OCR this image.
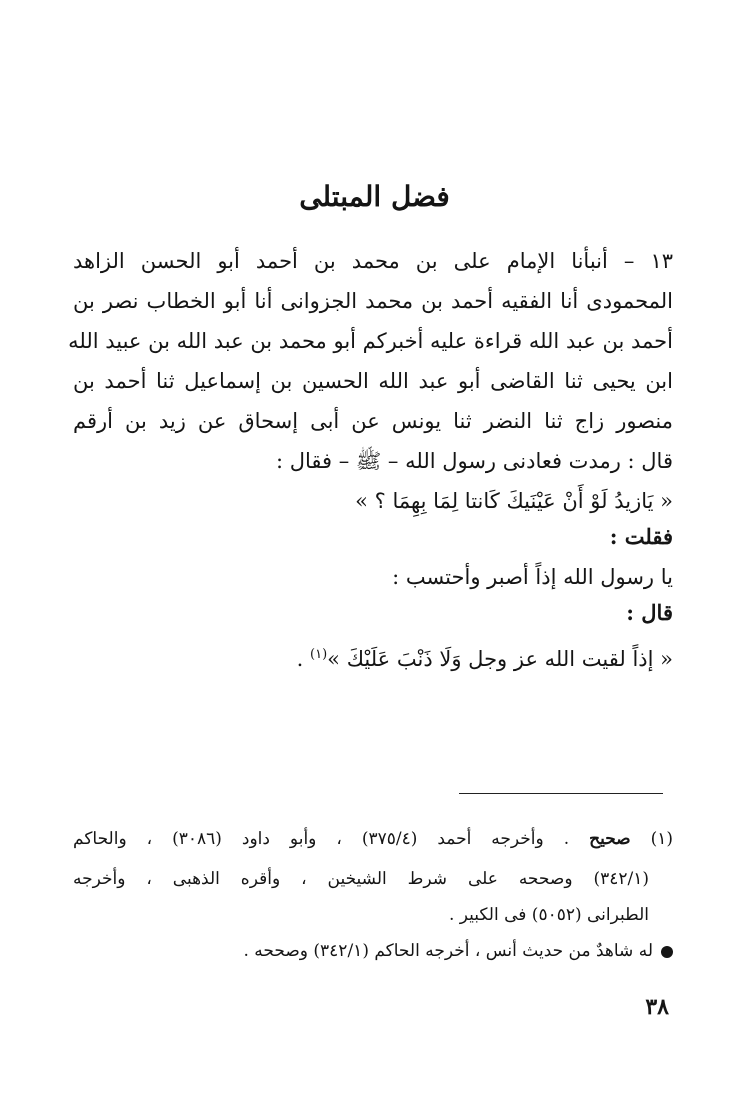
فضل المبتلى
١٣ – أنبأنا الإمام على بن محمد بن أحمد أبو الحسن الزاهد
المحمودى أنا الفقيه أحمد بن محمد الجزوانى أنا أبو الخطاب نصر بن
أحمد بن عبد الله قراءة عليه أخبركم أبو محمد بن عبد الله بن عبيد الله
ابن يحيى ثنا القاضى أبو عبد الله الحسين بن إسماعيل ثنا أحمد بن
منصور زاج ثنا النضر ثنا يونس عن أبى إسحاق عن زيد بن أرقم
قال : رمدت فعادنى رسول الله – ﷺ – فقال :
« يَازيدُ لَوْ أَنْ عَيْنَيكَ كَانتا لِمَا بِهِمَا ؟ »
فقلت :
يا رسول الله إذاً أصبر وأحتسب :
قال :
« إذاً لقيت الله عز وجل وَلَا ذَنْبَ عَلَيْكَ »$^{(١)}$ .
(١) صحيح . وأخرجه أحمد (٣٧٥/٤) ، وأبو داود (٣٠٨٦) ، والحاكم
(٣٤٢/١) وصححه على شرط الشيخين ، وأقره الذهبى ، وأخرجه
الطبرانى (٥٠٥٢) فى الكبير .
له شاهدٌ من حديث أنس ، أخرجه الحاكم (٣٤٢/١) وصححه .
٣٨
